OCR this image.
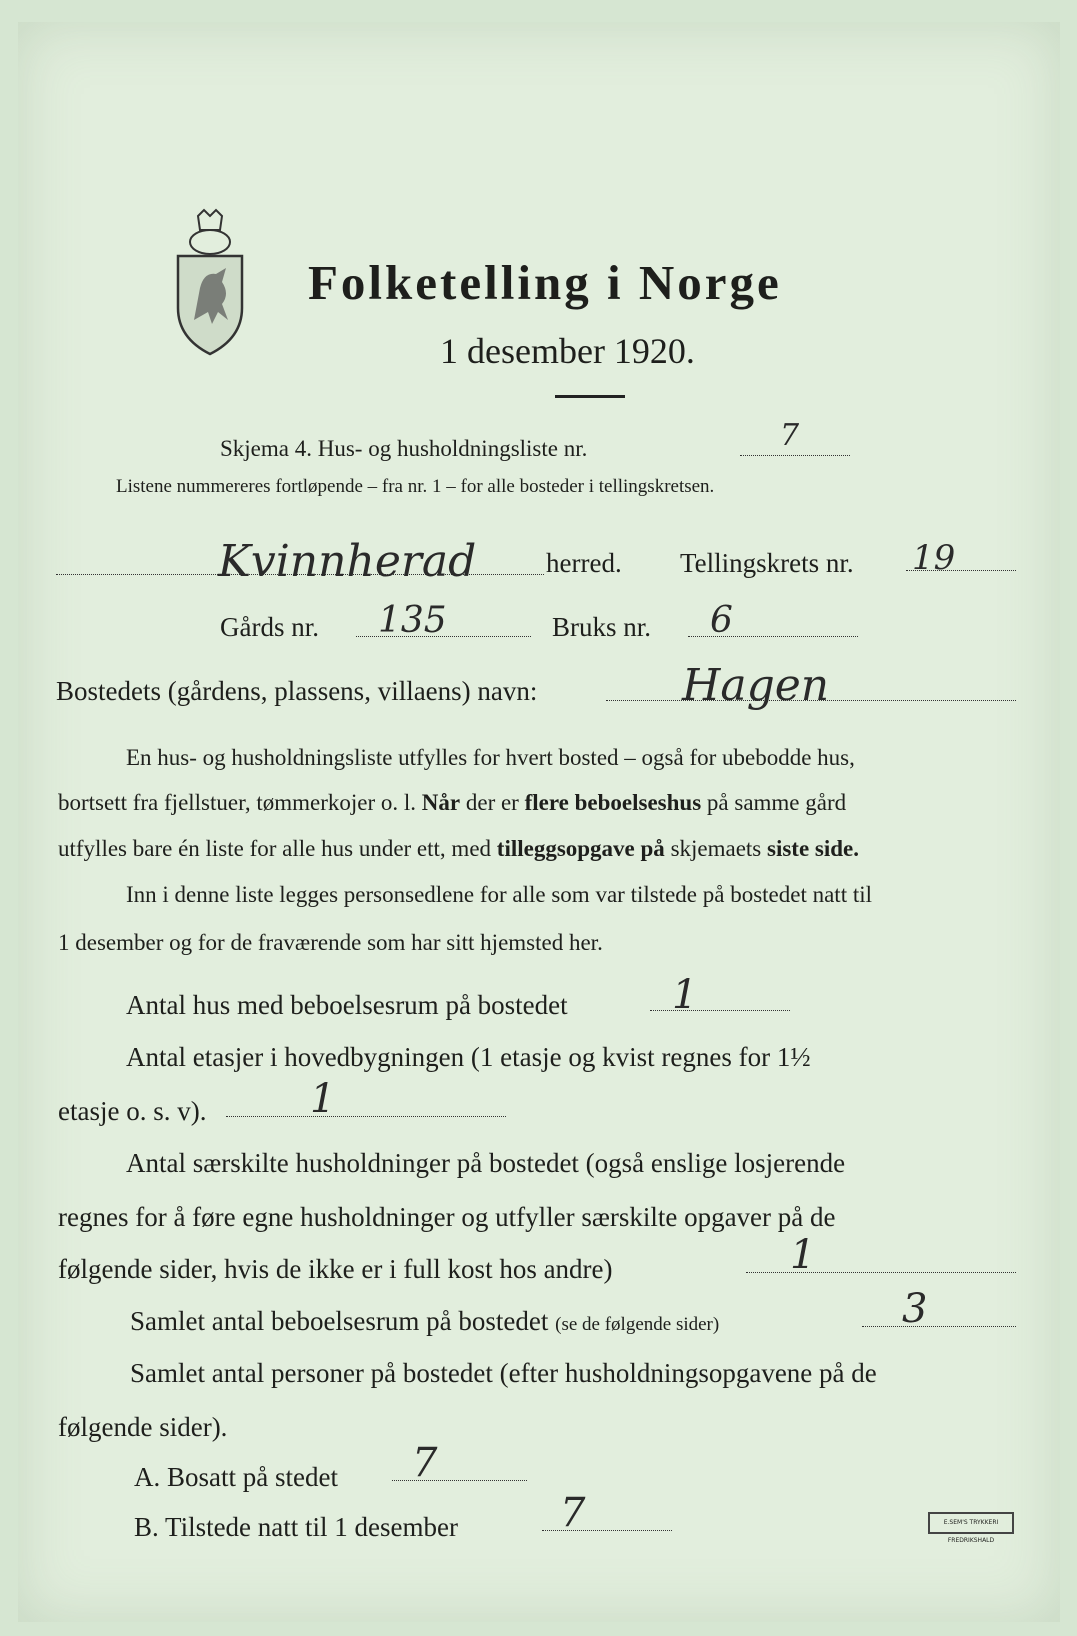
Folketelling i Norge
1 desember 1920.
Skjema 4. Hus- og husholdningsliste nr.	7
Listene nummereres fortløpende – fra nr. 1 – for alle bosteder i tellingskretsen.
Kvinnherad	herred. Tellingskrets nr. 19
Gårds nr. 135	Bruks nr. 6
Bostedets (gårdens, plassens, villaens) navn:	Hagen
En hus- og husholdningsliste utfylles for hvert bosted – også for ubebodde hus,
bortsett fra fjellstuer, tømmerkojer o. l. Når der er flere beboelseshus på samme gård
utfylles bare én liste for alle hus under ett, med tilleggsopgave på skjemaets siste side.
Inn i denne liste legges personsedlene for alle som var tilstede på bostedet natt til
1 desember og for de fraværende som har sitt hjemsted her.
Antal hus med beboelsesrum på bostedet	1
Antal etasjer i hovedbygningen (1 etasje og kvist regnes for 1½
etasje o. s. v).	1
Antal særskilte husholdninger på bostedet (også enslige losjerende
regnes for å føre egne husholdninger og utfyller særskilte opgaver på de
følgende sider, hvis de ikke er i full kost hos andre)	1
Samlet antal beboelsesrum på bostedet (se de følgende sider)	3
Samlet antal personer på bostedet (efter husholdningsopgavene på de
følgende sider).
A. Bosatt på stedet 7
B. Tilstede natt til 1 desember	7	E.SEM'S TRYKKERI FREDRIKSHALD
